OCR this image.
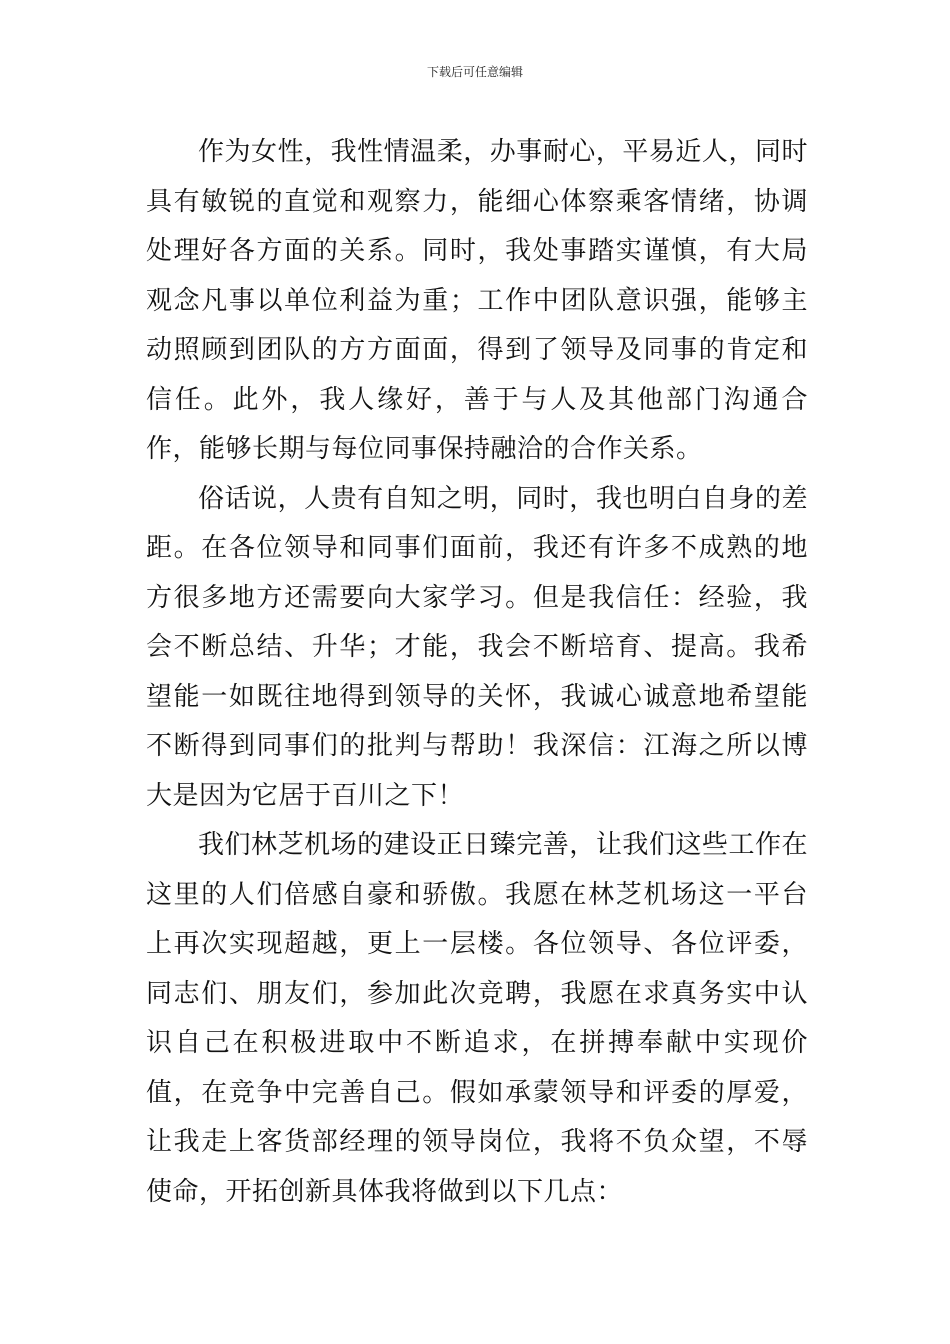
下载后可任意编辑

作为女性，我性情温柔，办事耐心，平易近人，同时具有敏锐的直觉和观察力，能细心体察乘客情绪，协调处理好各方面的关系。同时，我处事踏实谨慎，有大局观念凡事以单位利益为重；工作中团队意识强，能够主动照顾到团队的方方面面，得到了领导及同事的肯定和信任。此外，我人缘好，善于与人及其他部门沟通合作，能够长期与每位同事保持融洽的合作关系。

俗话说，人贵有自知之明，同时，我也明白自身的差距。在各位领导和同事们面前，我还有许多不成熟的地方很多地方还需要向大家学习。但是我信任：经验，我会不断总结、升华；才能，我会不断培育、提高。我希望能一如既往地得到领导的关怀，我诚心诚意地希望能不断得到同事们的批判与帮助！我深信：江海之所以博大是因为它居于百川之下！

我们林芝机场的建设正日臻完善，让我们这些工作在这里的人们倍感自豪和骄傲。我愿在林芝机场这一平台上再次实现超越，更上一层楼。各位领导、各位评委，同志们、朋友们，参加此次竞聘，我愿在求真务实中认识自己在积极进取中不断追求，在拼搏奉献中实现价值，在竞争中完善自己。假如承蒙领导和评委的厚爱，让我走上客货部经理的领导岗位，我将不负众望，不辱使命，开拓创新具体我将做到以下几点：
